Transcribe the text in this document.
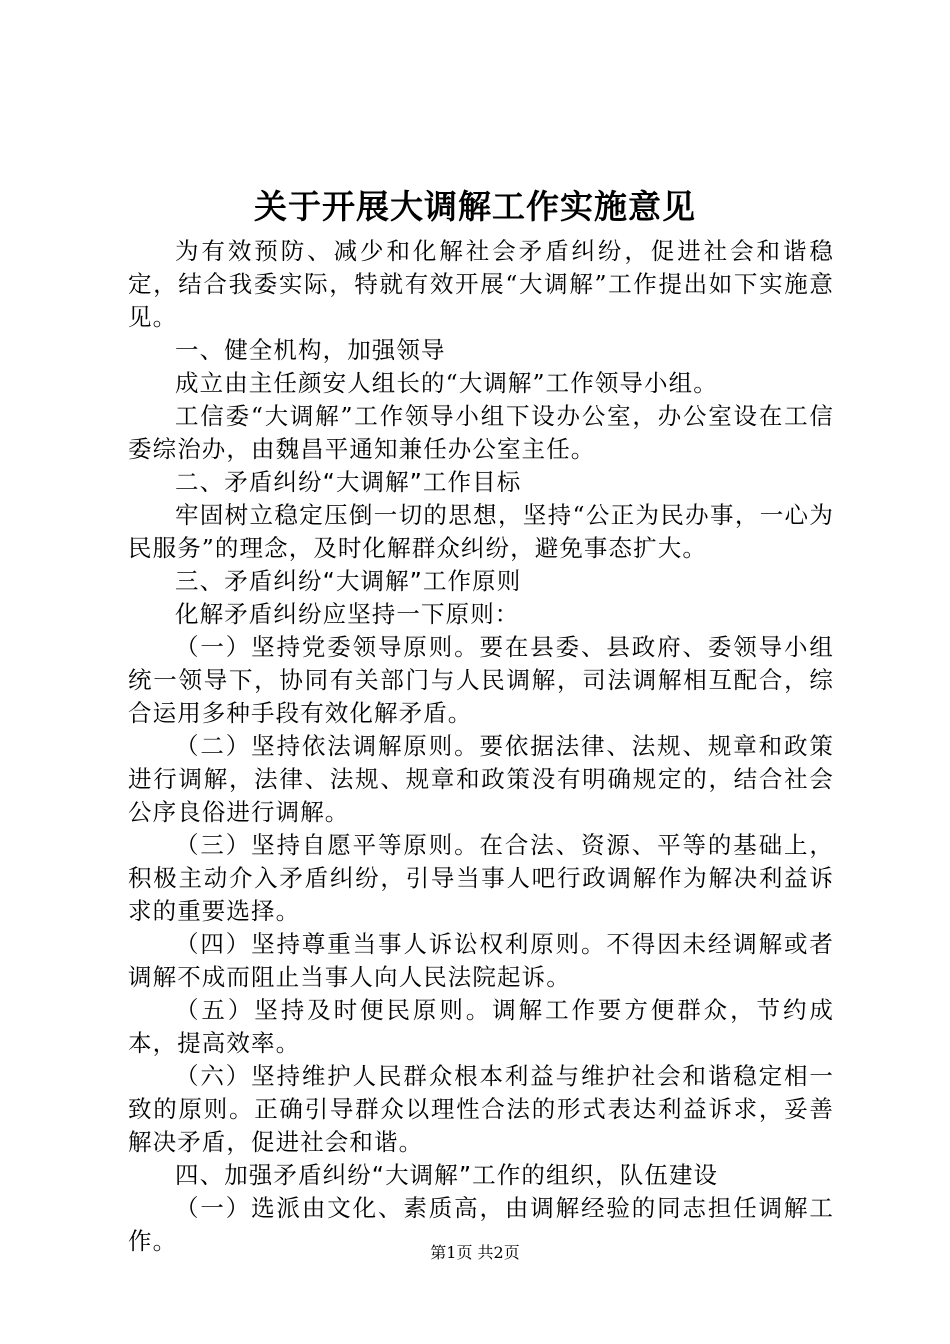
关于开展大调解工作实施意见

为有效预防、减少和化解社会矛盾纠纷，促进社会和谐稳定，结合我委实际，特就有效开展“大调解”工作提出如下实施意见。

一、健全机构，加强领导

成立由主任颜安人组长的“大调解”工作领导小组。

工信委“大调解”工作领导小组下设办公室，办公室设在工信委综治办，由魏昌平通知兼任办公室主任。

二、矛盾纠纷“大调解”工作目标

牢固树立稳定压倒一切的思想，坚持“公正为民办事，一心为民服务”的理念，及时化解群众纠纷，避免事态扩大。

三、矛盾纠纷“大调解”工作原则

化解矛盾纠纷应坚持一下原则：

（一）坚持党委领导原则。要在县委、县政府、委领导小组统一领导下，协同有关部门与人民调解，司法调解相互配合，综合运用多种手段有效化解矛盾。

（二）坚持依法调解原则。要依据法律、法规、规章和政策进行调解，法律、法规、规章和政策没有明确规定的，结合社会公序良俗进行调解。

（三）坚持自愿平等原则。在合法、资源、平等的基础上，积极主动介入矛盾纠纷，引导当事人吧行政调解作为解决利益诉求的重要选择。

（四）坚持尊重当事人诉讼权利原则。不得因未经调解或者调解不成而阻止当事人向人民法院起诉。

（五）坚持及时便民原则。调解工作要方便群众，节约成本，提高效率。

（六）坚持维护人民群众根本利益与维护社会和谐稳定相一致的原则。正确引导群众以理性合法的形式表达利益诉求，妥善解决矛盾，促进社会和谐。

四、加强矛盾纠纷“大调解”工作的组织，队伍建设

（一）选派由文化、素质高，由调解经验的同志担任调解工作。	第1页 共2页
